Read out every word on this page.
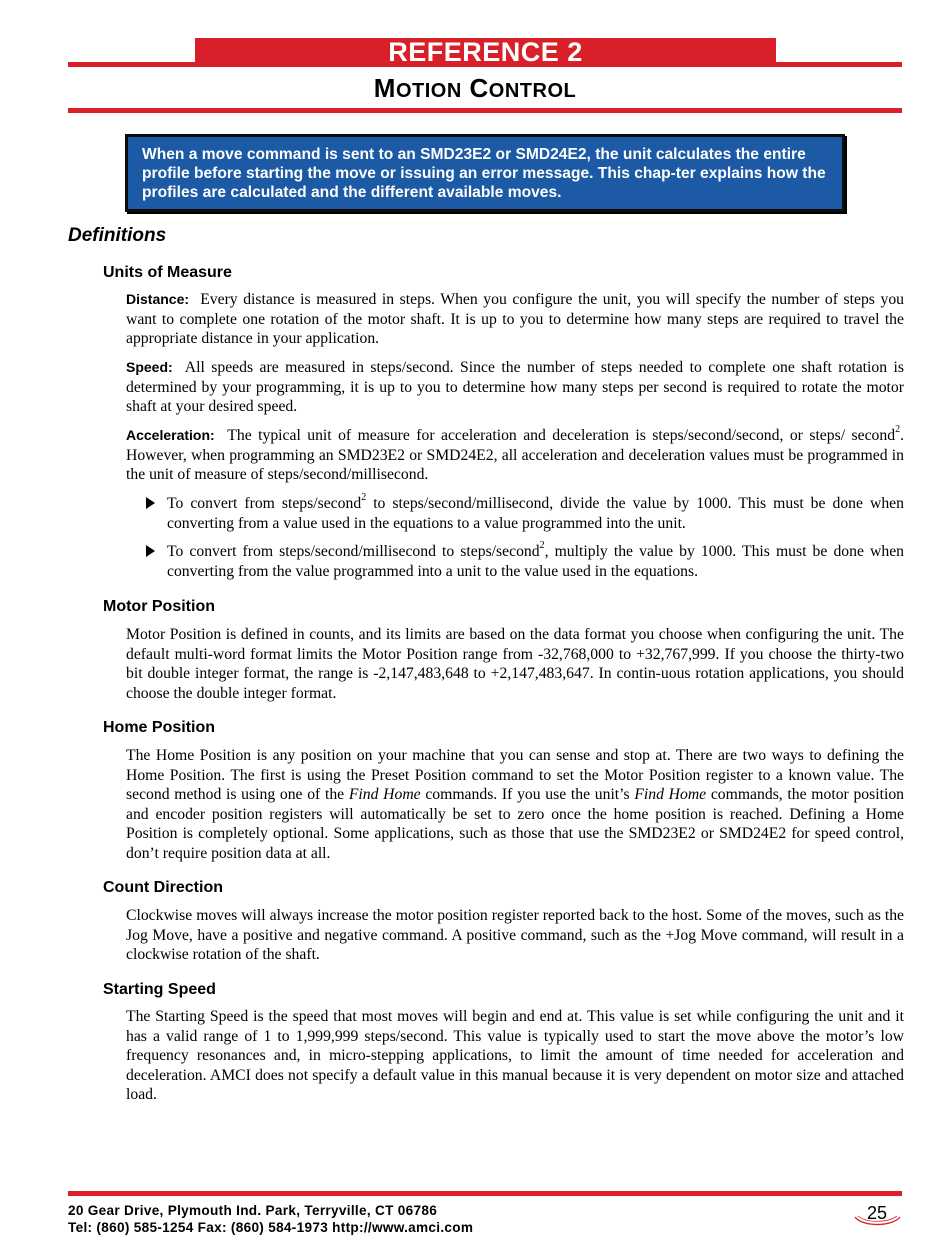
REFERENCE 2
MOTION CONTROL
When a move command is sent to an SMD23E2 or SMD24E2, the unit calculates the entire profile before starting the move or issuing an error message. This chap-ter explains how the profiles are calculated and the different available moves.
Definitions
Units of Measure
Distance: Every distance is measured in steps. When you configure the unit, you will specify the number of steps you want to complete one rotation of the motor shaft. It is up to you to determine how many steps are required to travel the appropriate distance in your application.
Speed: All speeds are measured in steps/second. Since the number of steps needed to complete one shaft rotation is determined by your programming, it is up to you to determine how many steps per second is required to rotate the motor shaft at your desired speed.
Acceleration: The typical unit of measure for acceleration and deceleration is steps/second/second, or steps/ second$^2$. However, when programming an SMD23E2 or SMD24E2, all acceleration and deceleration values must be programmed in the unit of measure of steps/second/millisecond.
To convert from steps/second$^2$ to steps/second/millisecond, divide the value by 1000. This must be done when converting from a value used in the equations to a value programmed into the unit.
To convert from steps/second/millisecond to steps/second$^2$, multiply the value by 1000. This must be done when converting from the value programmed into a unit to the value used in the equations.
Motor Position
Motor Position is defined in counts, and its limits are based on the data format you choose when configuring the unit. The default multi-word format limits the Motor Position range from -32,768,000 to +32,767,999. If you choose the thirty-two bit double integer format, the range is -2,147,483,648 to +2,147,483,647. In contin-uous rotation applications, you should choose the double integer format.
Home Position
The Home Position is any position on your machine that you can sense and stop at. There are two ways to defining the Home Position. The first is using the Preset Position command to set the Motor Position register to a known value. The second method is using one of the Find Home commands. If you use the unit’s Find Home commands, the motor position and encoder position registers will automatically be set to zero once the home position is reached. Defining a Home Position is completely optional. Some applications, such as those that use the SMD23E2 or SMD24E2 for speed control, don’t require position data at all.
Count Direction
Clockwise moves will always increase the motor position register reported back to the host. Some of the moves, such as the Jog Move, have a positive and negative command. A positive command, such as the +Jog Move command, will result in a clockwise rotation of the shaft.
Starting Speed
The Starting Speed is the speed that most moves will begin and end at. This value is set while configuring the unit and it has a valid range of 1 to 1,999,999 steps/second. This value is typically used to start the move above the motor’s low frequency resonances and, in micro-stepping applications, to limit the amount of time needed for acceleration and deceleration. AMCI does not specify a default value in this manual because it is very dependent on motor size and attached load.
20 Gear Drive, Plymouth Ind. Park, Terryville, CT 06786
Tel: (860) 585-1254 Fax: (860) 584-1973 http://www.amci.com
25
